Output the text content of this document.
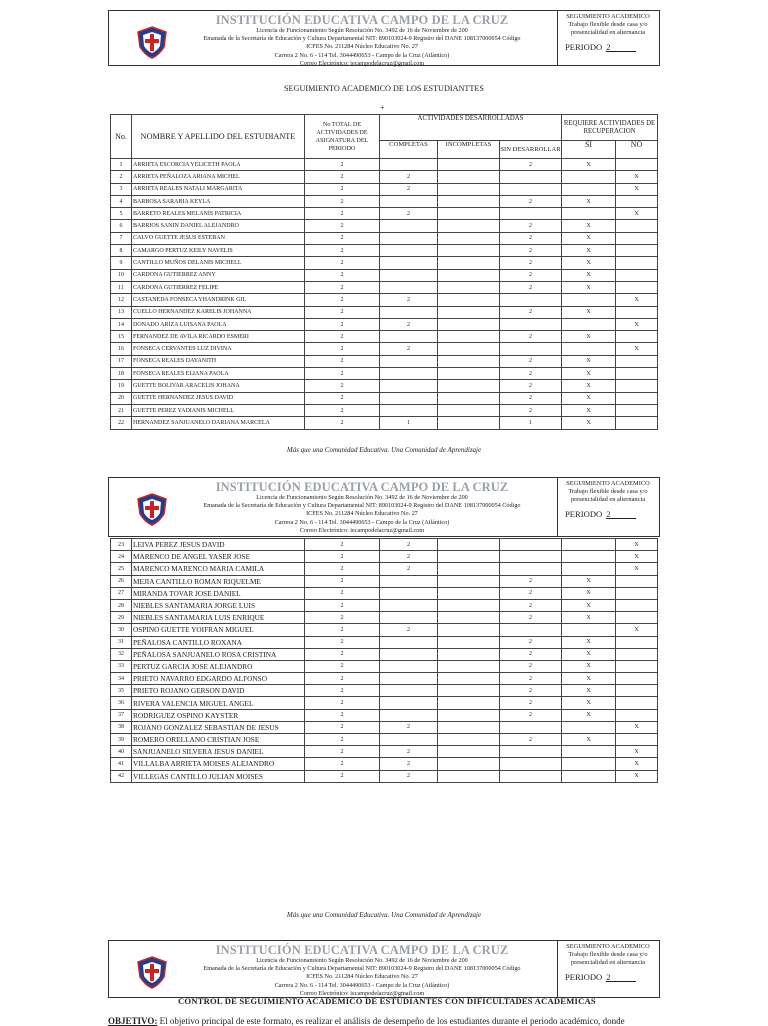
INSTITUCIÓN EDUCATIVA CAMPO DE LA CRUZ
Licencia de Funcionamiento Según Resolución No. 3492 de 16 de Noviembre de 200
Emanada de la Secretaría de Educación y Cultura Departamental NIT: 890103024-9 Registro del DANE 108137000054 Código
ICFES No. 211284 Núcleo Educativo No. 27
Carrera 2 No. 6 - 114 Tel. 3044490653 - Campo de la Cruz (Atlántico)
Correo Electrónico: iecampodelacruz@gmail.com
SEGUIMIENTO ACADEMICO
Trabajo flexible desde casa y/o
presencialidad en alternancia
PERIODO 2
SEGUIMIENTO ACADEMICO DE LOS ESTUDIANTTES
+
No.	NOMBRE Y APELLIDO DEL ESTUDIANTE	No TOTAL DE ACTIVIDADES DE ASIGNATURA DEL PERIODO	ACTIVIDADES DESARROLLADAS			REQUIERE ACTIVIDADES DE RECUPERACION	
			COMPLETAS	INCOMPLETAS	SIN DESARROLLAR	SI	NO
1	ARRIETA ESCORCIA YELICETH PAOLA	2			2	X	
2	ARRIETA PEÑALOZA ARIANA MICHEL	2	2				X
3	ARRIETA REALES NATALI MARGARITA	2	2				X
4	BARBOSA SARABIA KEYLA	2			2	X	
5	BARRETO REALES MELANIS PATRICIA	2	2				X
6	BARRIOS SANIN DANIEL ALEJANDRO	2			2	X	
7	CALVO GUETTE JESUS ESTEBAN	2			2	X	
8	CAMARGO PERTUZ KEILY NAYELIS	2			2	X	
9	CANTILLO MUÑOS DELANIS MICHELL	2			2	X	
10	CARDONA GUTIERREZ ANNY	2			2	X	
11	CARDONA GUTIERREZ FELIPE	2			2	X	
12	CASTANEDA FONSECA YHANDRINK GIL	2	2				X
13	CUELLO HERNANDEZ KARELIS JOHANNA	2			2	X	
14	DONADO ARIZA LUISANA PAOLA	2	2				X
15	FERNANDEZ DE AVILA RICARDO ESMERI	2			2	X	
16	FONSECA CERVANTES LUZ DIVINA	2	2				X
17	FONSECA REALES DAYANITH	2			2	X	
18	FONSECA REALES ELIANA PAOLA	2			2	X	
19	GUETTE BOLIVAR ARACELIS JOHANA	2			2	X	
20	GUETTE HERNANDEZ JESUS DAVID	2			2	X	
21	GUETTE PEREZ YADIANIS MICHELL	2			2	X	
22	HERNANDEZ SANJUANELO DARIANA MARCELA	2	1		1	X	
Más que una Comunidad Educativa. Una Comunidad de Aprendizaje
INSTITUCIÓN EDUCATIVA CAMPO DE LA CRUZ
Licencia de Funcionamiento Según Resolución No. 3492 de 16 de Noviembre de 200
Emanada de la Secretaría de Educación y Cultura Departamental NIT: 890103024-9 Registro del DANE 108137000054 Código
ICFES No. 211284 Núcleo Educativo No. 27
Carrera 2 No. 6 - 114 Tel. 3044490653 - Campo de la Cruz (Atlántico)
Correo Electrónico: iecampodelacruz@gmail.com
SEGUIMIENTO ACADEMICO
Trabajo flexible desde casa y/o
presencialidad en alternancia
PERIODO 2
23	LEIVA PEREZ JESUS DAVID	2	2				X
24	MARENCO DE ANGEL YASER JOSE	2	2				X
25	MARENCO MARENCO MARIA CAMILA	2	2				X
26	MEJIA CANTILLO ROMAN RIQUELME	2			2	X	
27	MIRANDA TOVAR JOSE DANIEL	2			2	X	
28	NIEBLES SANTAMARIA JORGE LUIS	2			2	X	
29	NIEBLES SANTAMARIA LUIS ENRIQUE	2			2	X	
30	OSPINO GUETTE YOIFRAN MIGUEL	2	2				X
31	PEÑALOSA CANTILLO ROXANA	2			2	X	
32	PEÑALOSA SANJUANELO ROSA CRISTINA	2			2	X	
33	PERTUZ GARCIA JOSE ALEJANDRO	2			2	X	
34	PRIETO NAVARRO EDGARDO ALFONSO	2			2	X	
35	PRIETO ROJANO GERSON DAVID	2			2	X	
36	RIVERA VALENCIA MIGUEL ANGEL	2			2	X	
37	RODRIGUEZ OSPINO KAYSTER	2			2	X	
38	ROJANO GONZALEZ SEBASTIAN DE JESUS	2	2				X
39	ROMERO ORELLANO CRISTIAN JOSE	2			2	X	
40	SANJUANELO SILVERA JESUS DANIEL	2	2				X
41	VILLALBA ARRIETA MOISES ALEJANDRO	2	2				X
42	VILLEGAS CANTILLO JULIAN MOISES	2	2				X
Más que una Comunidad Educativa. Una Comunidad de Aprendizaje
INSTITUCIÓN EDUCATIVA CAMPO DE LA CRUZ
Licencia de Funcionamiento Según Resolución No. 3492 de 16 de Noviembre de 200
Emanada de la Secretaría de Educación y Cultura Departamental NIT: 890103024-9 Registro del DANE 108137000054 Código
ICFES No. 211284 Núcleo Educativo No. 27
Carrera 2 No. 6 - 114 Tel. 3044490653 - Campo de la Cruz (Atlántico)
Correo Electrónico: iecampodelacruz@gmail.com
SEGUIMIENTO ACADEMICO
Trabajo flexible desde casa y/o
presencialidad en alternancia
PERIODO 2
CONTROL DE SEGUIMIENTO ACADEMICO DE ESTUDIANTES CON DIFICULTADES ACADEMICAS
OBJETIVO: El objetivo principal de este formato, es realizar el análisis de desempeño de los estudiantes durante el periodo académico, donde
